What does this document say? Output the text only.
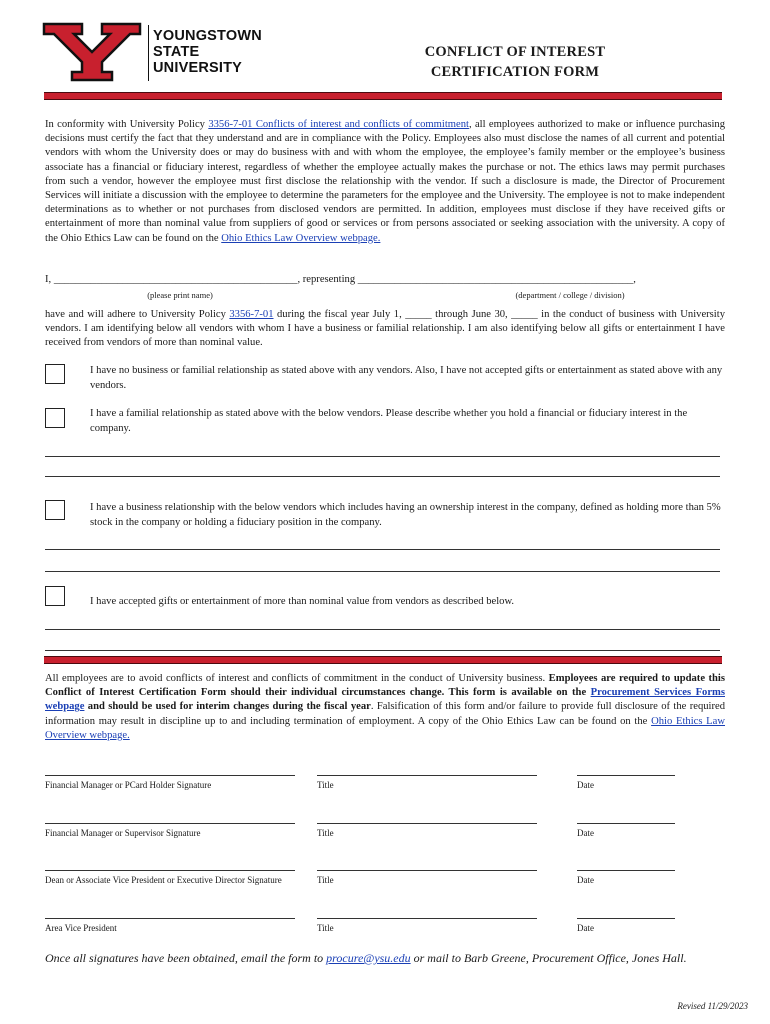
YOUNGSTOWN
STATE
UNIVERSITY
CONFLICT OF INTEREST
CERTIFICATION FORM

In conformity with University Policy 3356-7-01 Conflicts of interest and conflicts of commitment, all employees authorized to make or influence purchasing decisions must certify the fact that they understand and are in compliance with the Policy. Employees also must disclose the names of all current and potential vendors with whom the University does or may do business with and with whom the employee, the employee’s family member or the employee’s business associate has a financial or fiduciary interest, regardless of whether the employee actually makes the purchase or not. The ethics laws may permit purchases from such a vendor, however the employee must first disclose the relationship with the vendor. If such a disclosure is made, the Director of Procurement Services will initiate a discussion with the employee to determine the parameters for the employee and the University. The employee is not to make independent determinations as to whether or not purchases from disclosed vendors are permitted. In addition, employees must disclose if they have received gifts or entertainment of more than nominal value from suppliers of good or services or from persons associated or seeking association with the university. A copy of the Ohio Ethics Law can be found on the Ohio Ethics Law Overview webpage.

I, ______________________________________________, representing ____________________________________________________,
(please print name)	(department / college / division)

have and will adhere to University Policy 3356-7-01 during the fiscal year July 1, _____ through June 30, _____ in the conduct of business with University vendors. I am identifying below all vendors with whom I have a business or familial relationship. I am also identifying below all gifts or entertainment I have received from vendors of more than nominal value.

I have no business or familial relationship as stated above with any vendors. Also, I have not accepted gifts or entertainment as stated above with any vendors.
I have a familial relationship as stated above with the below vendors. Please describe whether you hold a financial or fiduciary interest in the company.
I have a business relationship with the below vendors which includes having an ownership interest in the company, defined as holding more than 5% stock in the company or holding a fiduciary position in the company.
I have accepted gifts or entertainment of more than nominal value from vendors as described below.

All employees are to avoid conflicts of interest and conflicts of commitment in the conduct of University business. Employees are required to update this Conflict of Interest Certification Form should their individual circumstances change. This form is available on the Procurement Services Forms webpage and should be used for interim changes during the fiscal year. Falsification of this form and/or failure to provide full disclosure of the required information may result in discipline up to and including termination of employment. A copy of the Ohio Ethics Law can be found on the Ohio Ethics Law Overview webpage.

Financial Manager or PCard Holder Signature	Title	Date
Financial Manager or Supervisor Signature	Title	Date
Dean or Associate Vice President or Executive Director Signature	Title	Date
Area Vice President	Title	Date
Once all signatures have been obtained, email the form to procure@ysu.edu or mail to Barb Greene, Procurement Office, Jones Hall.
Revised 11/29/2023
